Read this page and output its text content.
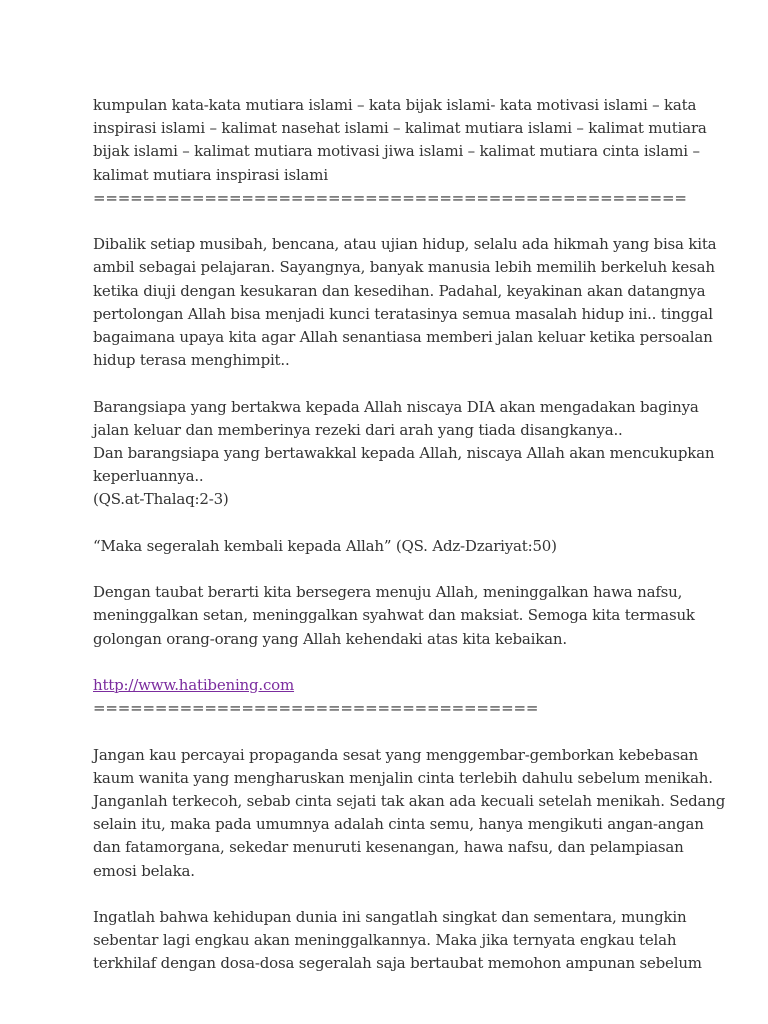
kumpulan kata-kata mutiara islami – kata bijak islami- kata motivasi islami – kata
inspirasi islami – kalimat nasehat islami – kalimat mutiara islami – kalimat mutiara
bijak islami – kalimat mutiara motivasi jiwa islami – kalimat mutiara cinta islami –
kalimat mutiara inspirasi islami
================================================
Dibalik setiap musibah, bencana, atau ujian hidup, selalu ada hikmah yang bisa kita
ambil sebagai pelajaran. Sayangnya, banyak manusia lebih memilih berkeluh kesah
ketika diuji dengan kesukaran dan kesedihan. Padahal, keyakinan akan datangnya
pertolongan Allah bisa menjadi kunci teratasinya semua masalah hidup ini.. tinggal
bagaimana upaya kita agar Allah senantiasa memberi jalan keluar ketika persoalan
hidup terasa menghimpit..
Barangsiapa yang bertakwa kepada Allah niscaya DIA akan mengadakan baginya
jalan keluar dan memberinya rezeki dari arah yang tiada disangkanya..
Dan barangsiapa yang bertawakkal kepada Allah, niscaya Allah akan mencukupkan
keperluannya..
(QS.at-Thalaq:2-3)
“Maka segeralah kembali kepada Allah” (QS. Adz-Dzariyat:50)
Dengan taubat berarti kita bersegera menuju Allah, meninggalkan hawa nafsu,
meninggalkan setan, meninggalkan syahwat dan maksiat. Semoga kita termasuk
golongan orang-orang yang Allah kehendaki atas kita kebaikan.
http://www.hatibening.com
====================================
Jangan kau percayai propaganda sesat yang menggembar-gemborkan kebebasan
kaum wanita yang mengharuskan menjalin cinta terlebih dahulu sebelum menikah.
Janganlah terkecoh, sebab cinta sejati tak akan ada kecuali setelah menikah. Sedang
selain itu, maka pada umumnya adalah cinta semu, hanya mengikuti angan-angan
dan fatamorgana, sekedar menuruti kesenangan, hawa nafsu, dan pelampiasan
emosi belaka.
Ingatlah bahwa kehidupan dunia ini sangatlah singkat dan sementara, mungkin
sebentar lagi engkau akan meninggalkannya. Maka jika ternyata engkau telah
terkhilaf dengan dosa-dosa segeralah saja bertaubat memohon ampunan sebelum
